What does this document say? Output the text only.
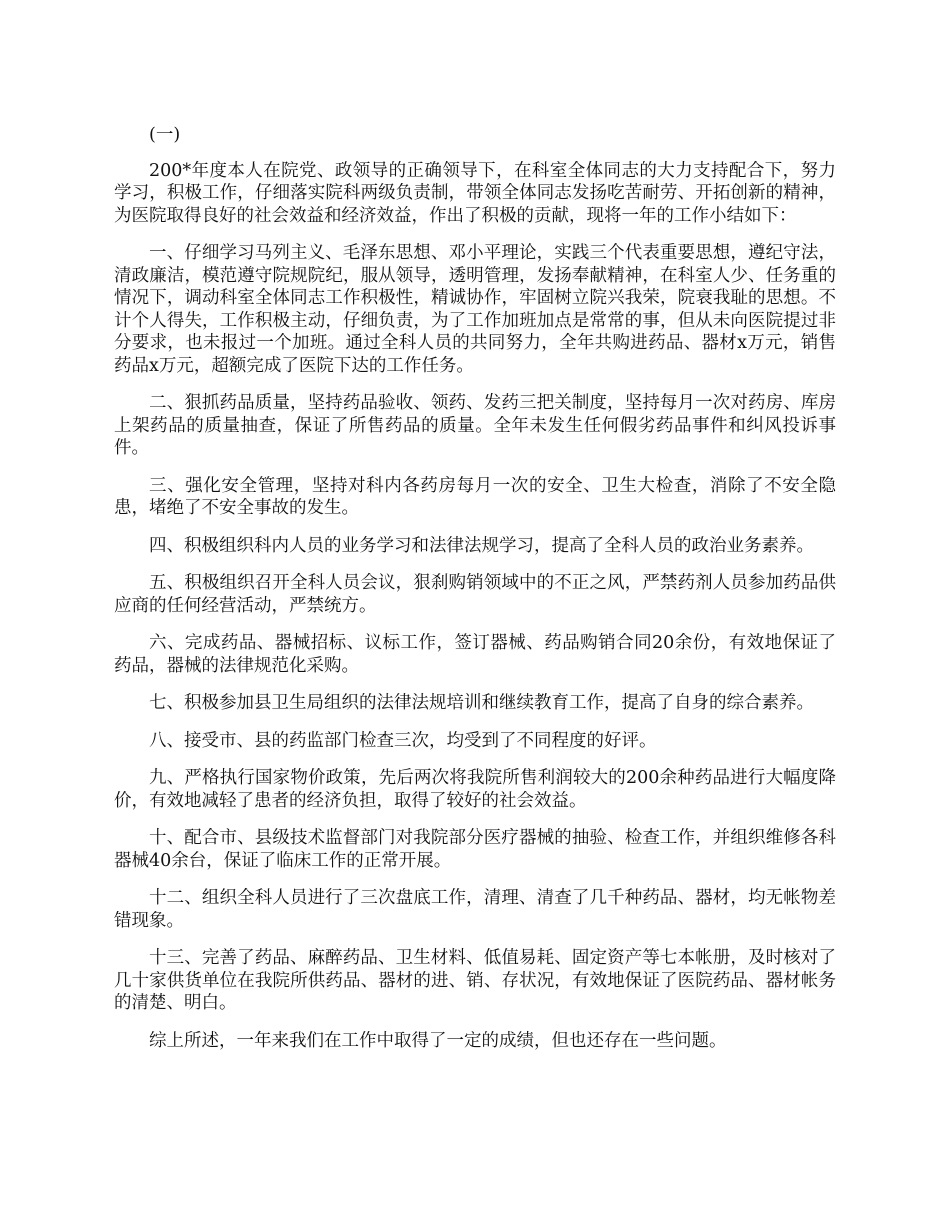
(一)

200*年度本人在院党、政领导的正确领导下，在科室全体同志的大力支持配合下，努力学习，积极工作，仔细落实院科两级负责制，带领全体同志发扬吃苦耐劳、开拓创新的精神，为医院取得良好的社会效益和经济效益，作出了积极的贡献，现将一年的工作小结如下：

一、仔细学习马列主义、毛泽东思想、邓小平理论，实践三个代表重要思想，遵纪守法，清政廉洁，模范遵守院规院纪，服从领导，透明管理，发扬奉献精神，在科室人少、任务重的情况下，调动科室全体同志工作积极性，精诚协作，牢固树立院兴我荣，院衰我耻的思想。不计个人得失，工作积极主动，仔细负责，为了工作加班加点是常常的事，但从未向医院提过非分要求，也未报过一个加班。通过全科人员的共同努力，全年共购进药品、器材x万元，销售药品x万元，超额完成了医院下达的工作任务。

二、狠抓药品质量，坚持药品验收、领药、发药三把关制度，坚持每月一次对药房、库房上架药品的质量抽查，保证了所售药品的质量。全年未发生任何假劣药品事件和纠风投诉事件。

三、强化安全管理，坚持对科内各药房每月一次的安全、卫生大检查，消除了不安全隐患，堵绝了不安全事故的发生。

四、积极组织科内人员的业务学习和法律法规学习，提高了全科人员的政治业务素养。

五、积极组织召开全科人员会议，狠刹购销领域中的不正之风，严禁药剂人员参加药品供应商的任何经营活动，严禁统方。

六、完成药品、器械招标、议标工作，签订器械、药品购销合同20余份，有效地保证了药品，器械的法律规范化采购。

七、积极参加县卫生局组织的法律法规培训和继续教育工作，提高了自身的综合素养。

八、接受市、县的药监部门检查三次，均受到了不同程度的好评。

九、严格执行国家物价政策，先后两次将我院所售利润较大的200余种药品进行大幅度降价，有效地减轻了患者的经济负担，取得了较好的社会效益。

十、配合市、县级技术监督部门对我院部分医疗器械的抽验、检查工作，并组织维修各科器械40余台，保证了临床工作的正常开展。

十二、组织全科人员进行了三次盘底工作，清理、清查了几千种药品、器材，均无帐物差错现象。

十三、完善了药品、麻醉药品、卫生材料、低值易耗、固定资产等七本帐册，及时核对了几十家供货单位在我院所供药品、器材的进、销、存状况，有效地保证了医院药品、器材帐务的清楚、明白。

综上所述，一年来我们在工作中取得了一定的成绩，但也还存在一些问题。
